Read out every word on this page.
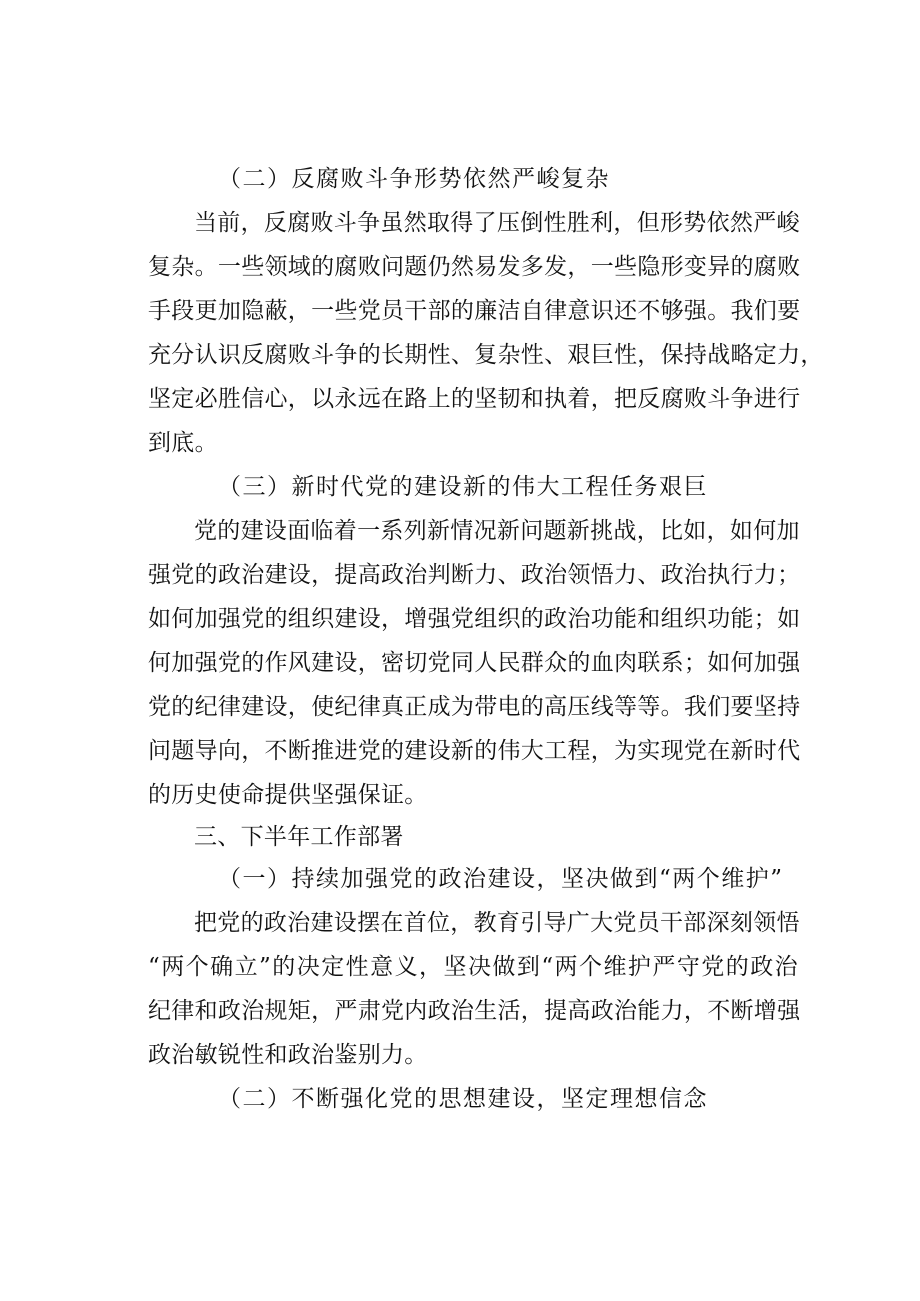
（二）反腐败斗争形势依然严峻复杂
当前，反腐败斗争虽然取得了压倒性胜利，但形势依然严峻
复杂。一些领域的腐败问题仍然易发多发，一些隐形变异的腐败
手段更加隐蔽，一些党员干部的廉洁自律意识还不够强。我们要
充分认识反腐败斗争的长期性、复杂性、艰巨性，保持战略定力，
坚定必胜信心，以永远在路上的坚韧和执着，把反腐败斗争进行
到底。
（三）新时代党的建设新的伟大工程任务艰巨
党的建设面临着一系列新情况新问题新挑战，比如，如何加
强党的政治建设，提高政治判断力、政治领悟力、政治执行力；
如何加强党的组织建设，增强党组织的政治功能和组织功能；如
何加强党的作风建设，密切党同人民群众的血肉联系；如何加强
党的纪律建设，使纪律真正成为带电的高压线等等。我们要坚持
问题导向，不断推进党的建设新的伟大工程，为实现党在新时代
的历史使命提供坚强保证。
三、下半年工作部署
（一）持续加强党的政治建设，坚决做到“两个维护”
把党的政治建设摆在首位，教育引导广大党员干部深刻领悟
“两个确立”的决定性意义，坚决做到“两个维护严守党的政治
纪律和政治规矩，严肃党内政治生活，提高政治能力，不断增强
政治敏锐性和政治鉴别力。
（二）不断强化党的思想建设，坚定理想信念
